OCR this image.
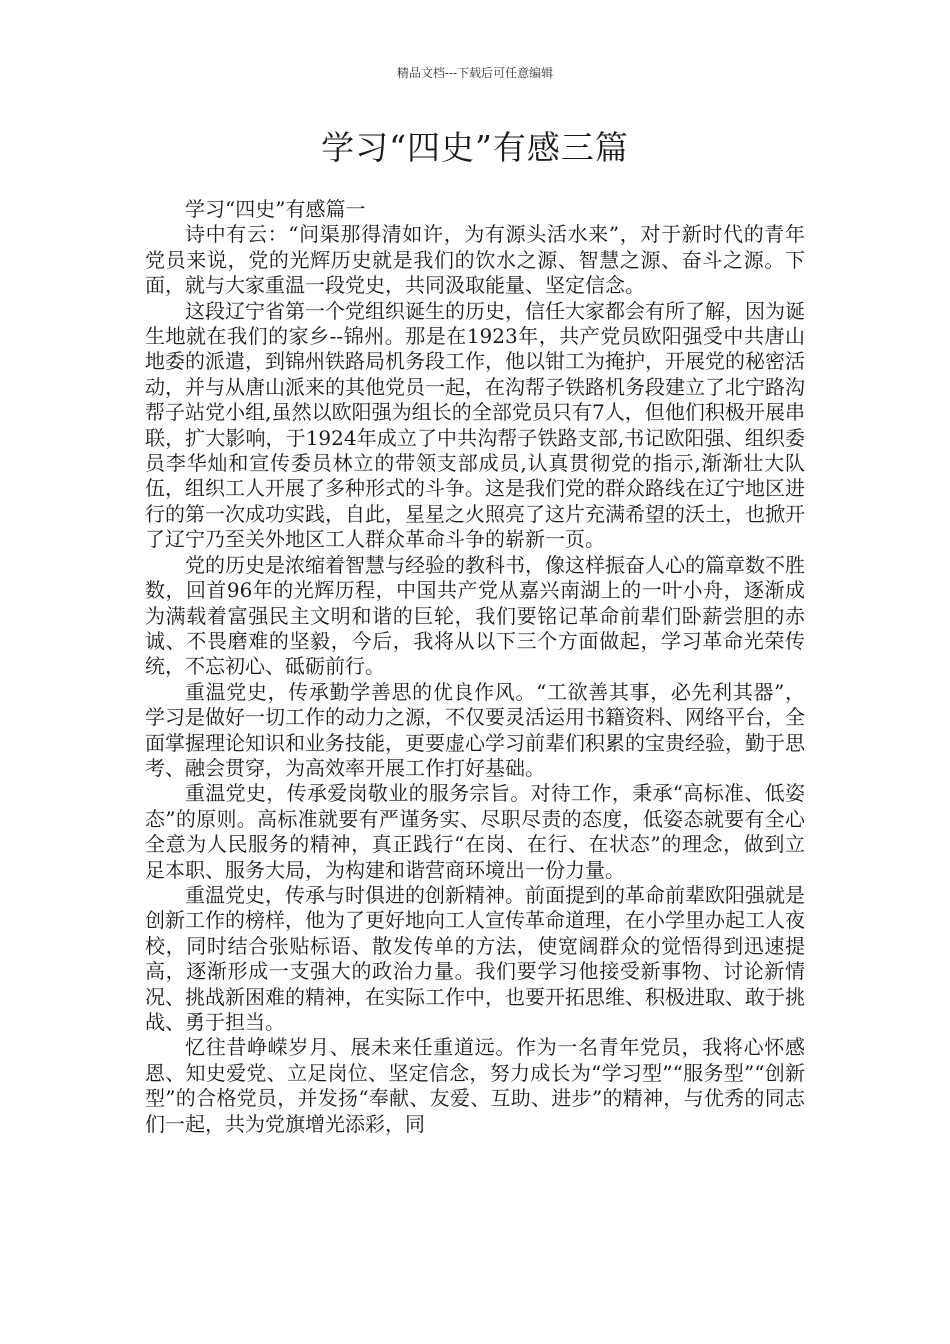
精品文档---下载后可任意编辑
学习“四史”有感三篇

学习“四史”有感篇一

诗中有云：“问渠那得清如许，为有源头活水来”，对于新时代的青年党员来说，党的光辉历史就是我们的饮水之源、智慧之源、奋斗之源。下面，就与大家重温一段党史，共同汲取能量、坚定信念。

这段辽宁省第一个党组织诞生的历史，信任大家都会有所了解，因为诞生地就在我们的家乡--锦州。那是在1923年，共产党员欧阳强受中共唐山地委的派遣，到锦州铁路局机务段工作，他以钳工为掩护，开展党的秘密活动，并与从唐山派来的其他党员一起，在沟帮子铁路机务段建立了北宁路沟帮子站党小组,虽然以欧阳强为组长的全部党员只有7人，但他们积极开展串联，扩大影响，于1924年成立了中共沟帮子铁路支部,书记欧阳强、组织委员李华灿和宣传委员林立的带领支部成员,认真贯彻党的指示,渐渐壮大队伍，组织工人开展了多种形式的斗争。这是我们党的群众路线在辽宁地区进行的第一次成功实践，自此，星星之火照亮了这片充满希望的沃土，也掀开了辽宁乃至关外地区工人群众革命斗争的崭新一页。

党的历史是浓缩着智慧与经验的教科书，像这样振奋人心的篇章数不胜数，回首96年的光辉历程，中国共产党从嘉兴南湖上的一叶小舟，逐渐成为满载着富强民主文明和谐的巨轮，我们要铭记革命前辈们卧薪尝胆的赤诚、不畏磨难的坚毅，今后，我将从以下三个方面做起，学习革命光荣传统，不忘初心、砥砺前行。

重温党史，传承勤学善思的优良作风。“工欲善其事，必先利其器”，学习是做好一切工作的动力之源，不仅要灵活运用书籍资料、网络平台，全面掌握理论知识和业务技能，更要虚心学习前辈们积累的宝贵经验，勤于思考、融会贯穿，为高效率开展工作打好基础。

重温党史，传承爱岗敬业的服务宗旨。对待工作，秉承“高标准、低姿态”的原则。高标准就要有严谨务实、尽职尽责的态度，低姿态就要有全心全意为人民服务的精神，真正践行“在岗、在行、在状态”的理念，做到立足本职、服务大局，为构建和谐营商环境出一份力量。

重温党史，传承与时俱进的创新精神。前面提到的革命前辈欧阳强就是创新工作的榜样，他为了更好地向工人宣传革命道理，在小学里办起工人夜校，同时结合张贴标语、散发传单的方法，使宽阔群众的觉悟得到迅速提高，逐渐形成一支强大的政治力量。我们要学习他接受新事物、讨论新情况、挑战新困难的精神，在实际工作中，也要开拓思维、积极进取、敢于挑战、勇于担当。

忆往昔峥嵘岁月、展未来任重道远。作为一名青年党员，我将心怀感恩、知史爱党、立足岗位、坚定信念，努力成长为“学习型”“服务型”“创新型”的合格党员，并发扬“奉献、友爱、互助、进步”的精神，与优秀的同志们一起，共为党旗增光添彩，同
